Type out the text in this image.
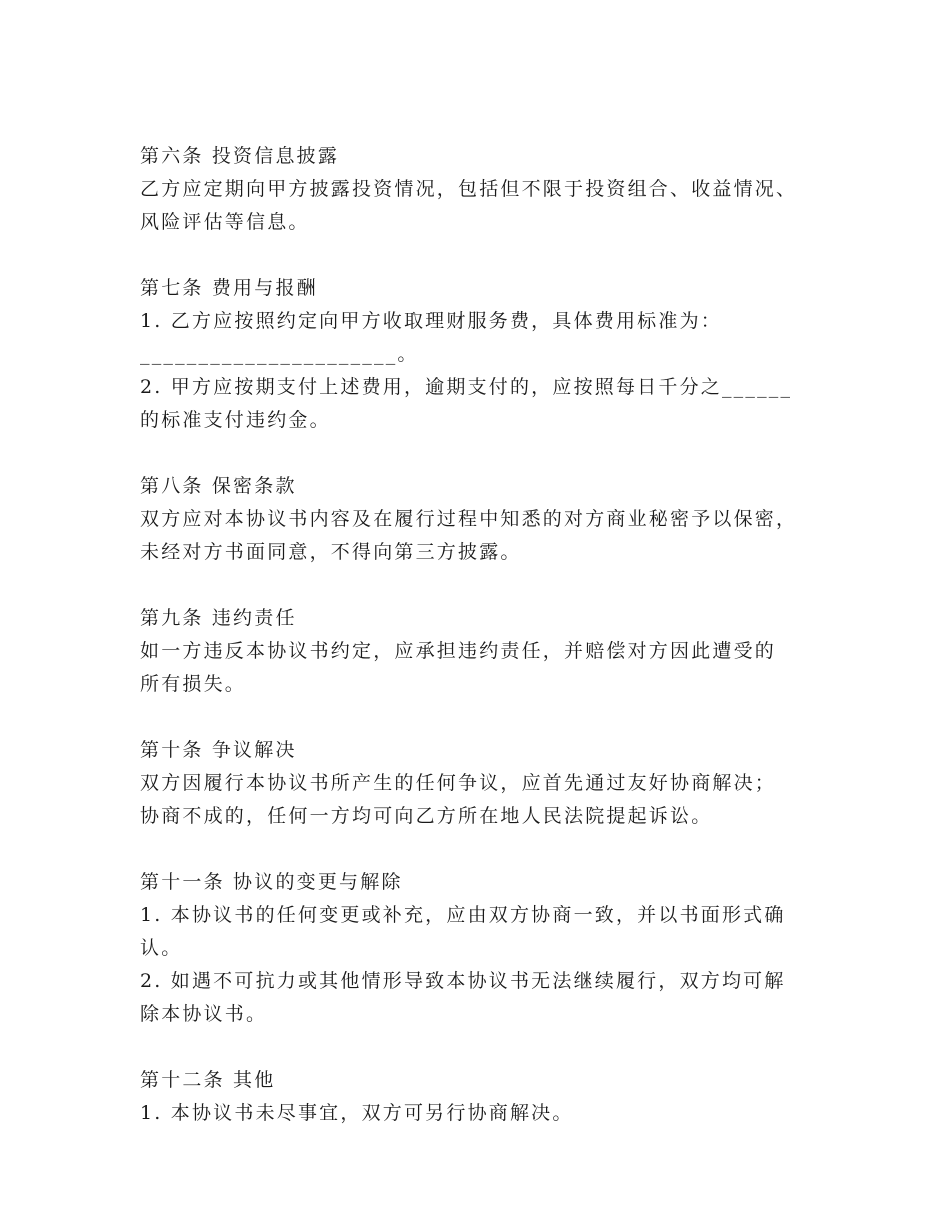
第六条 投资信息披露
乙方应定期向甲方披露投资情况，包括但不限于投资组合、收益情况、
风险评估等信息。
第七条 费用与报酬
1. 乙方应按照约定向甲方收取理财服务费，具体费用标准为：
______________________。
2. 甲方应按期支付上述费用，逾期支付的，应按照每日千分之______
的标准支付违约金。
第八条 保密条款
双方应对本协议书内容及在履行过程中知悉的对方商业秘密予以保密，
未经对方书面同意，不得向第三方披露。
第九条 违约责任
如一方违反本协议书约定，应承担违约责任，并赔偿对方因此遭受的
所有损失。
第十条 争议解决
双方因履行本协议书所产生的任何争议，应首先通过友好协商解决；
协商不成的，任何一方均可向乙方所在地人民法院提起诉讼。
第十一条 协议的变更与解除
1. 本协议书的任何变更或补充，应由双方协商一致，并以书面形式确
认。
2. 如遇不可抗力或其他情形导致本协议书无法继续履行，双方均可解
除本协议书。
第十二条 其他
1. 本协议书未尽事宜，双方可另行协商解决。
